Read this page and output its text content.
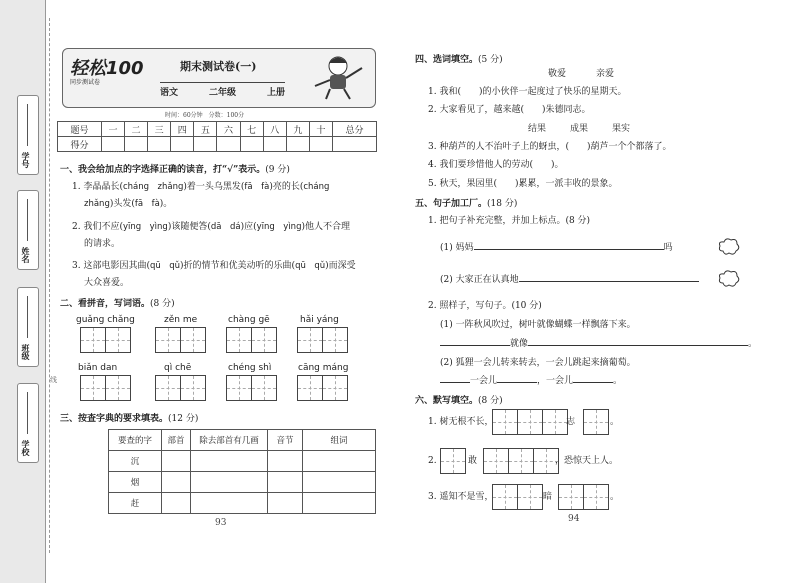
学号
姓名
班级
学校
线
轻松100
同步测试卷
期末测试卷(一)
语文	二年级	上册
时间：60分钟　分数：100分
题号	一	二	三	四	五	六	七	八	九	十	总分
得分											
一、我会给加点的字选择正确的读音，打“√”表示。(9 分)
1. 李晶晶长(cháng　zhǎng)着一头乌黑发(fā　fà)亮的长(cháng
zhǎng)头发(fā　fà)。
2. 我们不应(yīng　yìng)该随便答(dā　dá)应(yīng　yìng)他人不合理
的请求。
3. 这部电影因其曲(qū　qǔ)折的情节和优美动听的乐曲(qū　qǔ)而深受
大众喜爱。
二、看拼音，写词语。(8 分)
guǎng chǎng	zěn me	chàng gē	hǎi yáng
biǎn dan	qì chē	chéng shì	cāng máng
三、按查字典的要求填表。(12 分)
要查的字	部首	除去部首有几画	音节	组词
沉				
烟				
赶				
93
四、选词填空。(5 分)
敬爱	亲爱
1. 我和(　　)的小伙伴一起度过了快乐的星期天。
2. 大家看见了，越来越(　　)朱德同志。
结果	成果	果实
3. 种葫芦的人不治叶子上的蚜虫，(　　)葫芦一个个都落了。
4. 我们要珍惜他人的劳动(　　)。
5. 秋天，果园里(　　)累累，一派丰收的景象。
五、句子加工厂。(18 分)
1. 把句子补充完整，并加上标点。(8 分)
(1) 妈妈	吗
(2) 大家正在认真地
2. 照样子，写句子。(10 分)
(1) 一阵秋风吹过，树叶就像蝴蝶一样飘落下来。
就像	。
(2) 狐狸一会儿转来转去，一会儿跳起来摘葡萄。
一会儿	，一会儿	。
六、默写填空。(8 分)
1. 树无根不长，	志	。
2.	敢	，恐惊天上人。
3. 遥知不是雪，	暗	。
94
